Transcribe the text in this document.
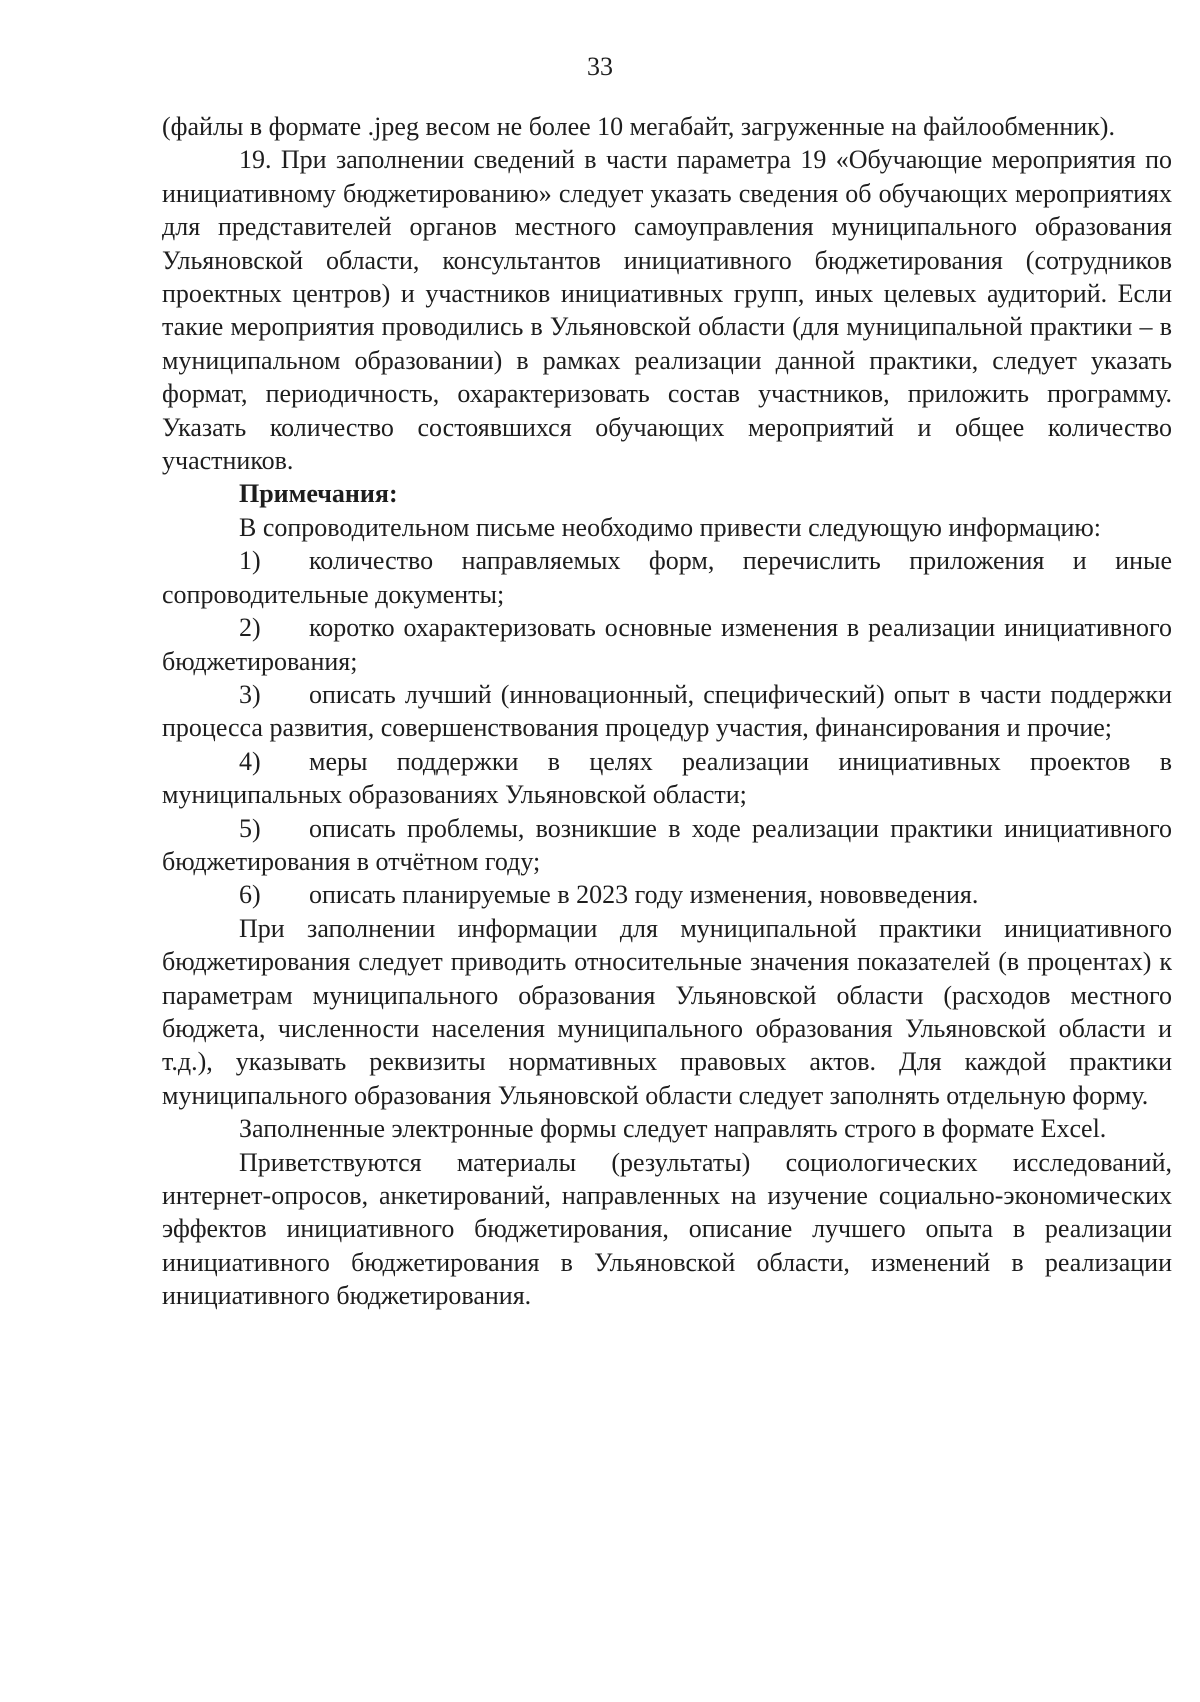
33

(файлы в формате .jpeg весом не более 10 мегабайт, загруженные на файлообменник).

19. При заполнении сведений в части параметра 19 «Обучающие мероприятия по инициативному бюджетированию» следует указать сведения об обучающих мероприятиях для представителей органов местного самоуправления муниципального образования Ульяновской области, консультантов инициативного бюджетирования (сотрудников проектных центров) и участников инициативных групп, иных целевых аудиторий. Если такие мероприятия проводились в Ульяновской области (для муниципальной практики – в муниципальном образовании) в рамках реализации данной практики, следует указать формат, периодичность, охарактеризовать состав участников, приложить программу. Указать количество состоявшихся обучающих мероприятий и общее количество участников.

Примечания:

В сопроводительном письме необходимо привести следующую информацию:

1) количество направляемых форм, перечислить приложения и иные сопроводительные документы;

2) коротко охарактеризовать основные изменения в реализации инициативного бюджетирования;

3) описать лучший (инновационный, специфический) опыт в части поддержки процесса развития, совершенствования процедур участия, финансирования и прочие;

4) меры поддержки в целях реализации инициативных проектов в муниципальных образованиях Ульяновской области;

5) описать проблемы, возникшие в ходе реализации практики инициативного бюджетирования в отчётном году;

6) описать планируемые в 2023 году изменения, нововведения.

При заполнении информации для муниципальной практики инициативного бюджетирования следует приводить относительные значения показателей (в процентах) к параметрам муниципального образования Ульяновской области (расходов местного бюджета, численности населения муниципального образования Ульяновской области и т.д.), указывать реквизиты нормативных правовых актов. Для каждой практики муниципального образования Ульяновской области следует заполнять отдельную форму.

Заполненные электронные формы следует направлять строго в формате Excel.

Приветствуются материалы (результаты) социологических исследований, интернет-опросов, анкетирований, направленных на изучение социально-экономических эффектов инициативного бюджетирования, описание лучшего опыта в реализации инициативного бюджетирования в Ульяновской области, изменений в реализации инициативного бюджетирования.
